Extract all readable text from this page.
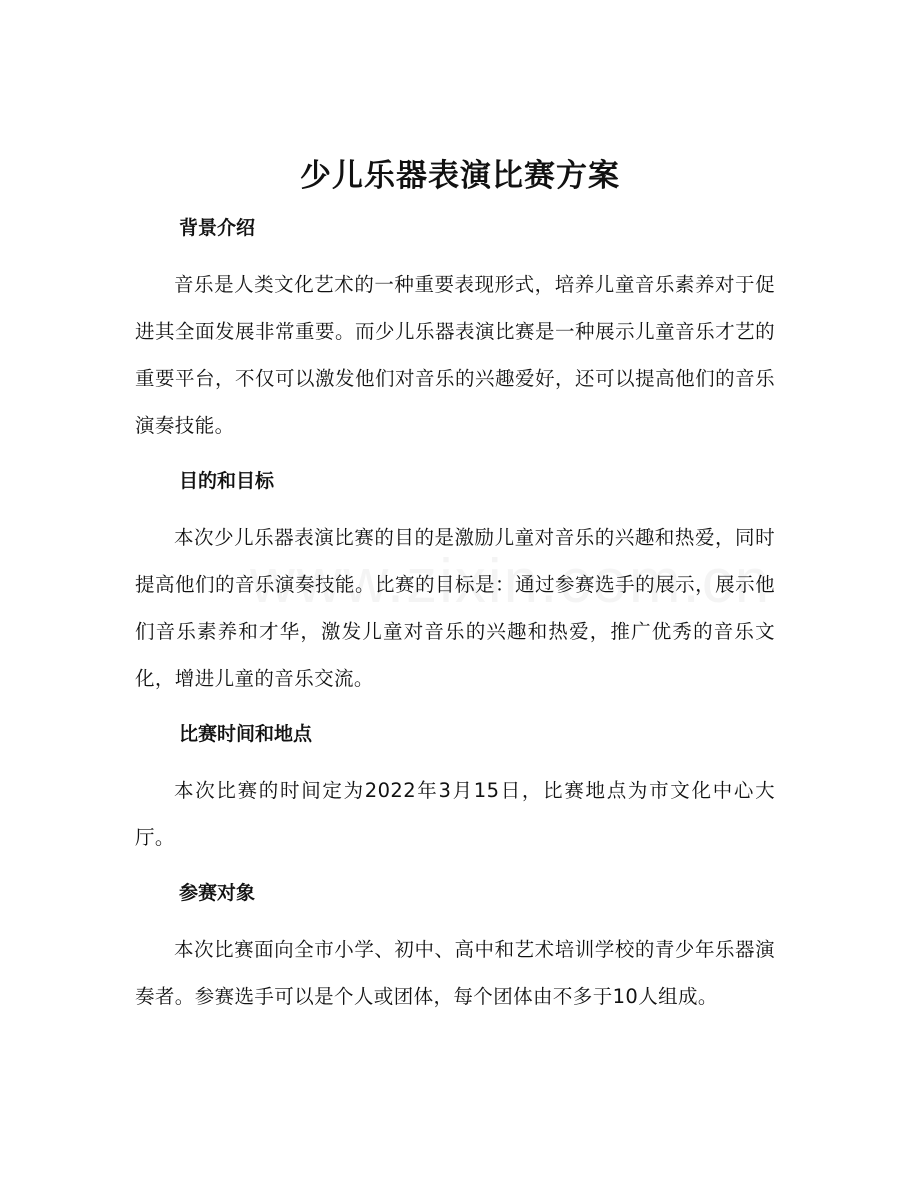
少儿乐器表演比赛方案
背景介绍

音乐是人类文化艺术的一种重要表现形式，培养儿童音乐素养对于促进其全面发展非常重要。而少儿乐器表演比赛是一种展示儿童音乐才艺的重要平台，不仅可以激发他们对音乐的兴趣爱好，还可以提高他们的音乐演奏技能。

目的和目标

本次少儿乐器表演比赛的目的是激励儿童对音乐的兴趣和热爱，同时提高他们的音乐演奏技能。比赛的目标是：通过参赛选手的展示，展示他们音乐素养和才华，激发儿童对音乐的兴趣和热爱，推广优秀的音乐文化，增进儿童的音乐交流。

比赛时间和地点

本次比赛的时间定为2022年3月15日，比赛地点为市文化中心大厅。

参赛对象

本次比赛面向全市小学、初中、高中和艺术培训学校的青少年乐器演奏者。参赛选手可以是个人或团体，每个团体由不多于10人组成。
